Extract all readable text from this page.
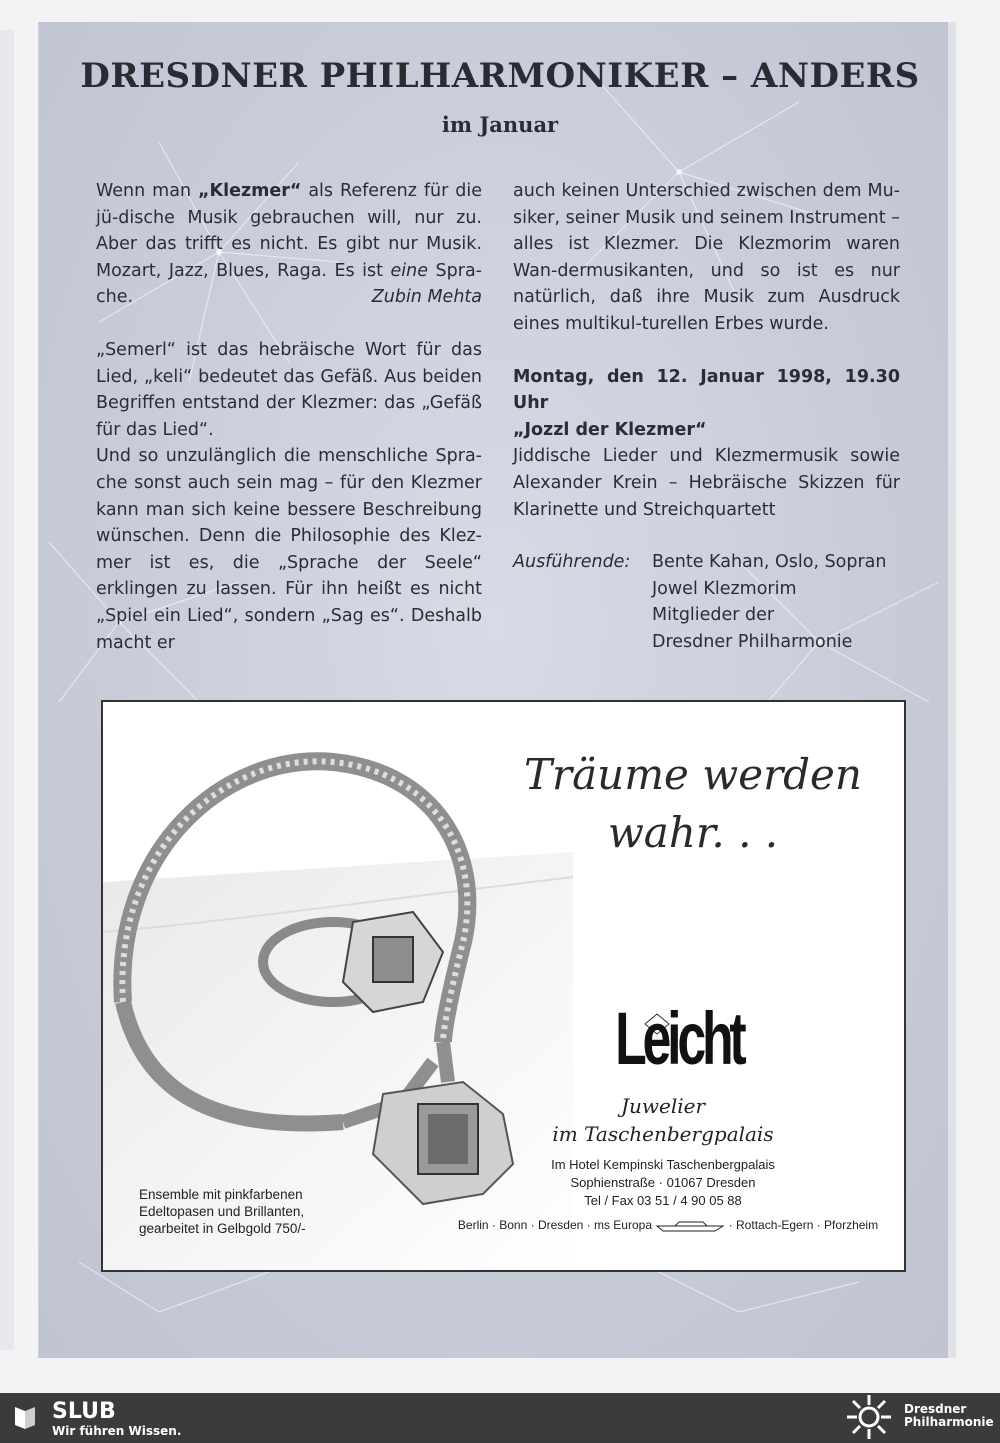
DRESDNER PHILHARMONIKER – ANDERS
im Januar

Wenn man „Klezmer“ als Referenz für die jü-dische Musik gebrauchen will, nur zu. Aber das trifft es nicht. Es gibt nur Musik. Mozart, Jazz, Blues, Raga. Es ist eine Spra-che.	Zubin Mehta

„Semerl“ ist das hebräische Wort für das Lied, „keli“ bedeutet das Gefäß. Aus beiden Begriffen entstand der Klezmer: das „Gefäß für das Lied“.

Und so unzulänglich die menschliche Spra-che sonst auch sein mag – für den Klezmer kann man sich keine bessere Beschreibung wünschen. Denn die Philosophie des Klez-mer ist es, die „Sprache der Seele“ erklingen zu lassen. Für ihn heißt es nicht „Spiel ein Lied“, sondern „Sag es“. Deshalb macht er

auch keinen Unterschied zwischen dem Mu-siker, seiner Musik und seinem Instrument – alles ist Klezmer. Die Klezmorim waren Wan-dermusikanten, und so ist es nur natürlich, daß ihre Musik zum Ausdruck eines multikul-turellen Erbes wurde.

Montag, den 12. Januar 1998, 19.30 Uhr

„Jozzl der Klezmer“

Jiddische Lieder und Klezmermusik sowie Alexander Krein – Hebräische Skizzen für Klarinette und Streichquartett

Ausführende: Bente Kahan, Oslo, Sopran
Jowel Klezmorim
Mitglieder der
Dresdner Philharmonie
Träume werden
wahr. . .
Leicht
Juwelier
im Taschenbergpalais
Im Hotel Kempinski Taschenbergpalais
Sophienstraße · 01067 Dresden
Tel / Fax 03 51 / 4 90 05 88
Berlin · Bonn · Dresden · ms Europa	· Rottach-Egern · Pforzheim
Ensemble mit pinkfarbenen
Edeltopasen und Brillanten,
gearbeitet in Gelbgold 750/-
SLUB
Wir führen Wissen.
Dresdner
Philharmonie
